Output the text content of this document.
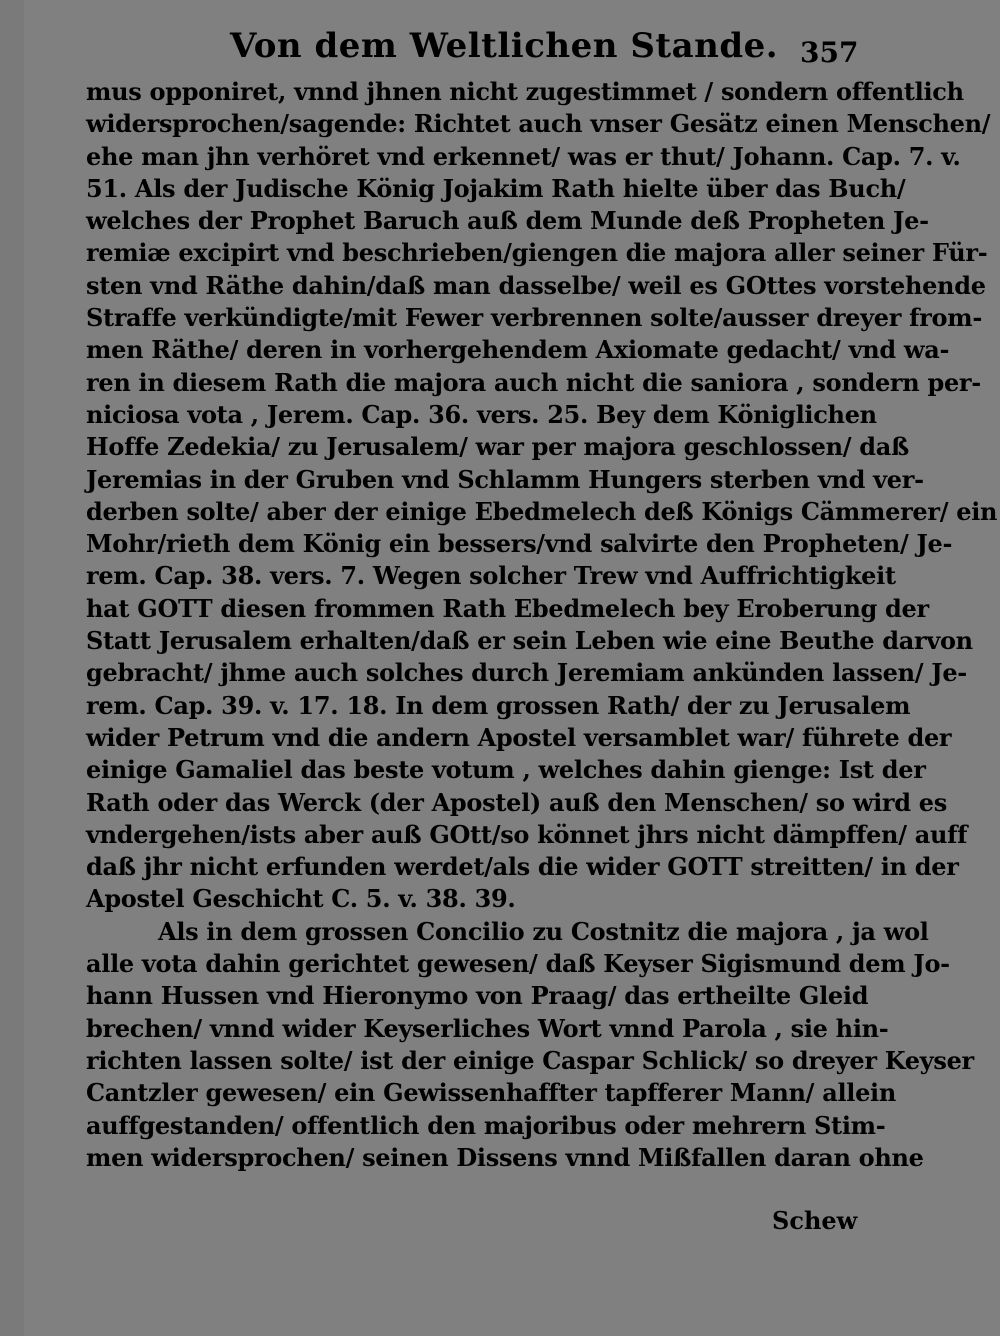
Von dem Weltlichen Stande. 357
mus opponiret, vnnd jhnen nicht zugestimmet / sondern offentlich
widersprochen/sagende: Richtet auch vnser Gesätz einen Menschen/
ehe man jhn verhöret vnd erkennet/ was er thut/ Johann. Cap. 7. v.
51. Als der Judische König Jojakim Rath hielte über das Buch/
welches der Prophet Baruch auß dem Munde deß Propheten Je-
remiæ excipirt vnd beschrieben/giengen die majora aller seiner Für-
sten vnd Räthe dahin/daß man dasselbe/ weil es GOttes vorstehende
Straffe verkündigte/mit Fewer verbrennen solte/ausser dreyer from-
men Räthe/ deren in vorhergehendem Axiomate gedacht/ vnd wa-
ren in diesem Rath die majora auch nicht die saniora , sondern per-
niciosa vota , Jerem. Cap. 36. vers. 25. Bey dem Königlichen
Hoffe Zedekia/ zu Jerusalem/ war per majora geschlossen/ daß
Jeremias in der Gruben vnd Schlamm Hungers sterben vnd ver-
derben solte/ aber der einige Ebedmelech deß Königs Cämmerer/ ein
Mohr/rieth dem König ein bessers/vnd salvirte den Propheten/ Je-
rem. Cap. 38. vers. 7. Wegen solcher Trew vnd Auffrichtigkeit
hat GOTT diesen frommen Rath Ebedmelech bey Eroberung der
Statt Jerusalem erhalten/daß er sein Leben wie eine Beuthe darvon
gebracht/ jhme auch solches durch Jeremiam ankünden lassen/ Je-
rem. Cap. 39. v. 17. 18. In dem grossen Rath/ der zu Jerusalem
wider Petrum vnd die andern Apostel versamblet war/ führete der
einige Gamaliel das beste votum , welches dahin gienge: Ist der
Rath oder das Werck (der Apostel) auß den Menschen/ so wird es
vndergehen/ists aber auß GOtt/so könnet jhrs nicht dämpffen/ auff
daß jhr nicht erfunden werdet/als die wider GOTT streitten/ in der
Apostel Geschicht C. 5. v. 38. 39.
Als in dem grossen Concilio zu Costnitz die majora , ja wol
alle vota dahin gerichtet gewesen/ daß Keyser Sigismund dem Jo-
hann Hussen vnd Hieronymo von Praag/ das ertheilte Gleid
brechen/ vnnd wider Keyserliches Wort vnnd Parola , sie hin-
richten lassen solte/ ist der einige Caspar Schlick/ so dreyer Keyser
Cantzler gewesen/ ein Gewissenhaffter tapfferer Mann/ allein
auffgestanden/ offentlich den majoribus oder mehrern Stim-
men widersprochen/ seinen Dissens vnnd Mißfallen daran ohne
Schew
